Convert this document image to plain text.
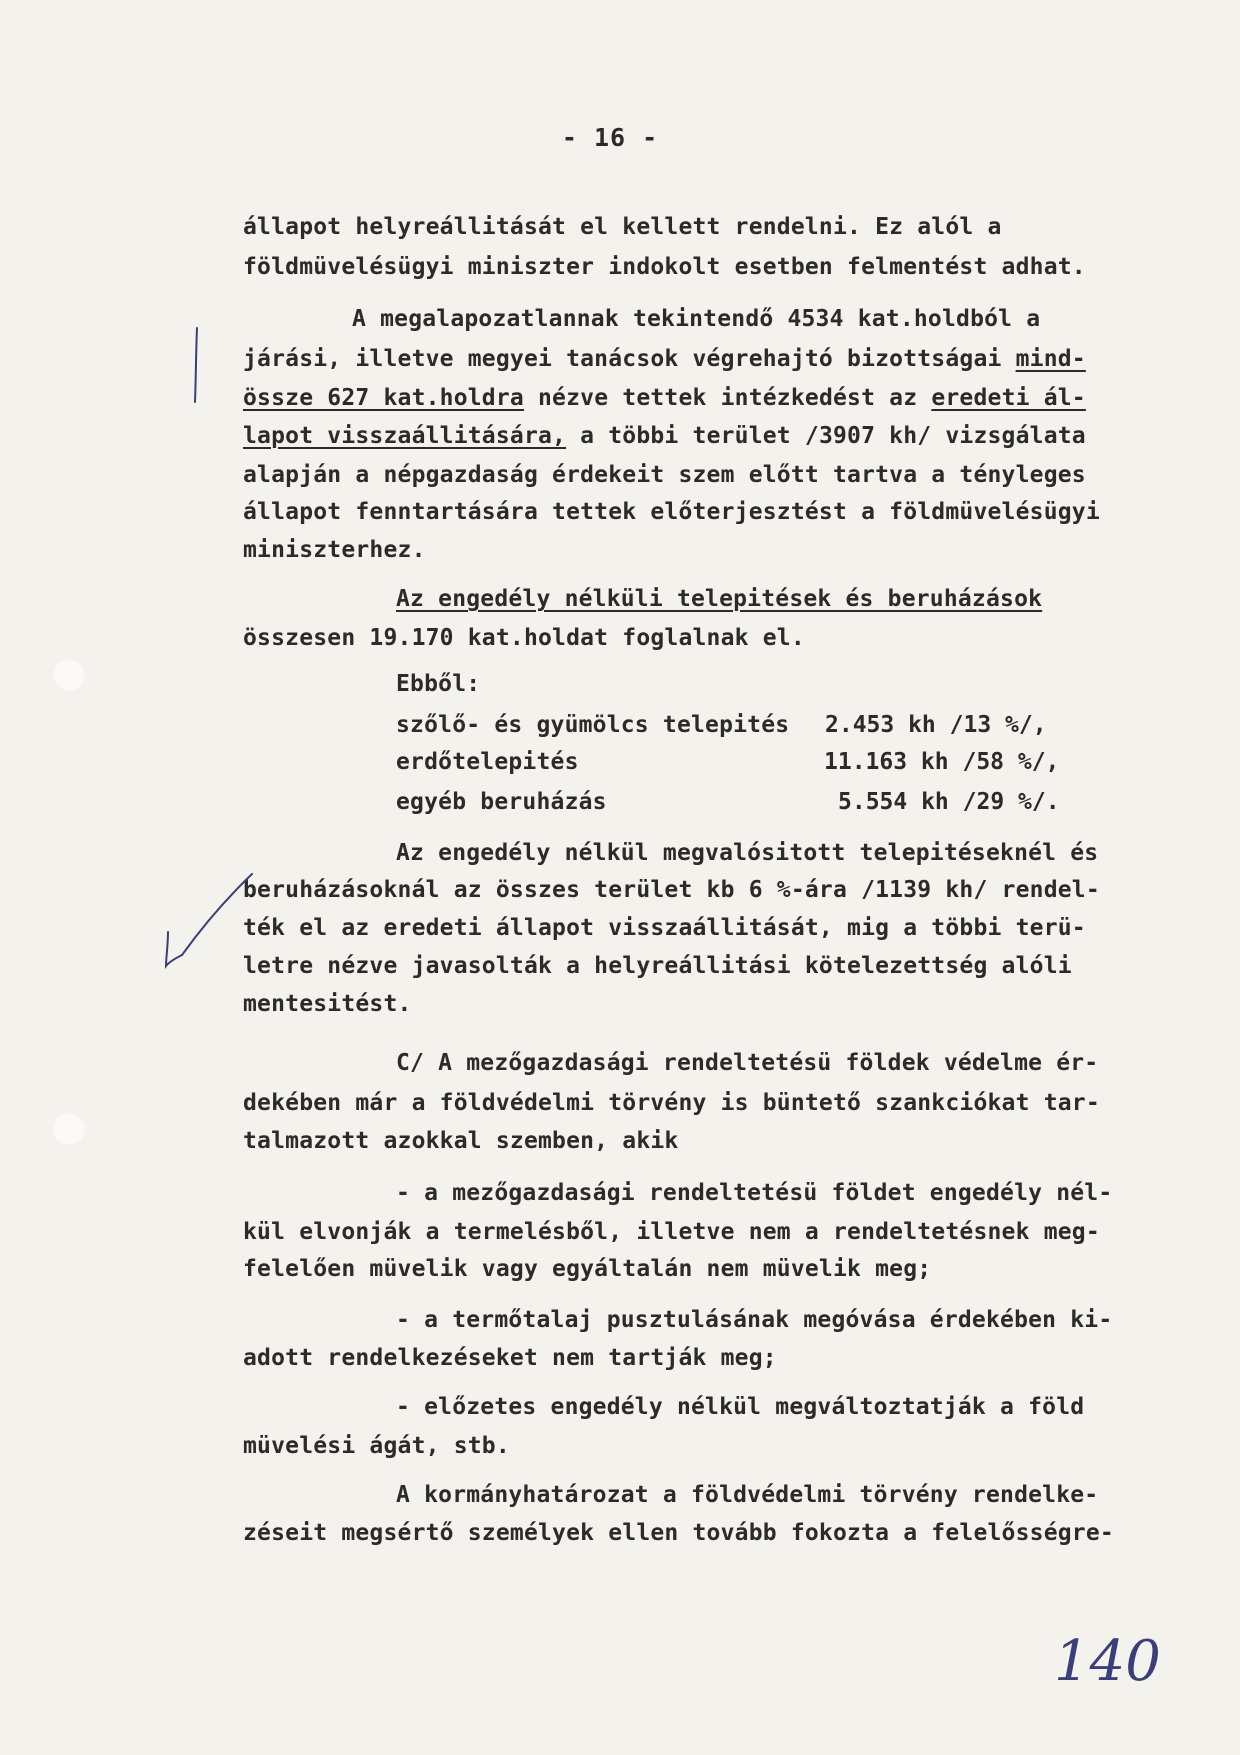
- 16 -
állapot helyreállitását el kellett rendelni. Ez alól a
földmüvelésügyi miniszter indokolt esetben felmentést adhat.
A megalapozatlannak tekintendő 4534 kat.holdból a
járási, illetve megyei tanácsok végrehajtó bizottságai mind-
össze 627 kat.holdra nézve tettek intézkedést az eredeti ál-
lapot visszaállitására, a többi terület /3907 kh/ vizsgálata
alapján a népgazdaság érdekeit szem előtt tartva a tényleges
állapot fenntartására tettek előterjesztést a földmüvelésügyi
miniszterhez.
Az engedély nélküli telepitések és beruházások
összesen 19.170 kat.holdat foglalnak el.
Ebből:
szőlő- és gyümölcs telepités 2.453 kh /13 %/,
erdőtelepités	11.163 kh /58 %/,
egyéb beruházás	5.554 kh /29 %/.
Az engedély nélkül megvalósitott telepitéseknél és
beruházásoknál az összes terület kb 6 %-ára /1139 kh/ rendel-
ték el az eredeti állapot visszaállitását, mig a többi terü-
letre nézve javasolták a helyreállitási kötelezettség alóli
mentesitést.
C/ A mezőgazdasági rendeltetésü földek védelme ér-
dekében már a földvédelmi törvény is büntető szankciókat tar-
talmazott azokkal szemben, akik
- a mezőgazdasági rendeltetésü földet engedély nél-
kül elvonják a termelésből, illetve nem a rendeltetésnek meg-
felelően müvelik vagy egyáltalán nem müvelik meg;
- a termőtalaj pusztulásának megóvása érdekében ki-
adott rendelkezéseket nem tartják meg;
- előzetes engedély nélkül megváltoztatják a föld
müvelési ágát, stb.
A kormányhatározat a földvédelmi törvény rendelke-
zéseit megsértő személyek ellen tovább fokozta a felelősségre-
140
